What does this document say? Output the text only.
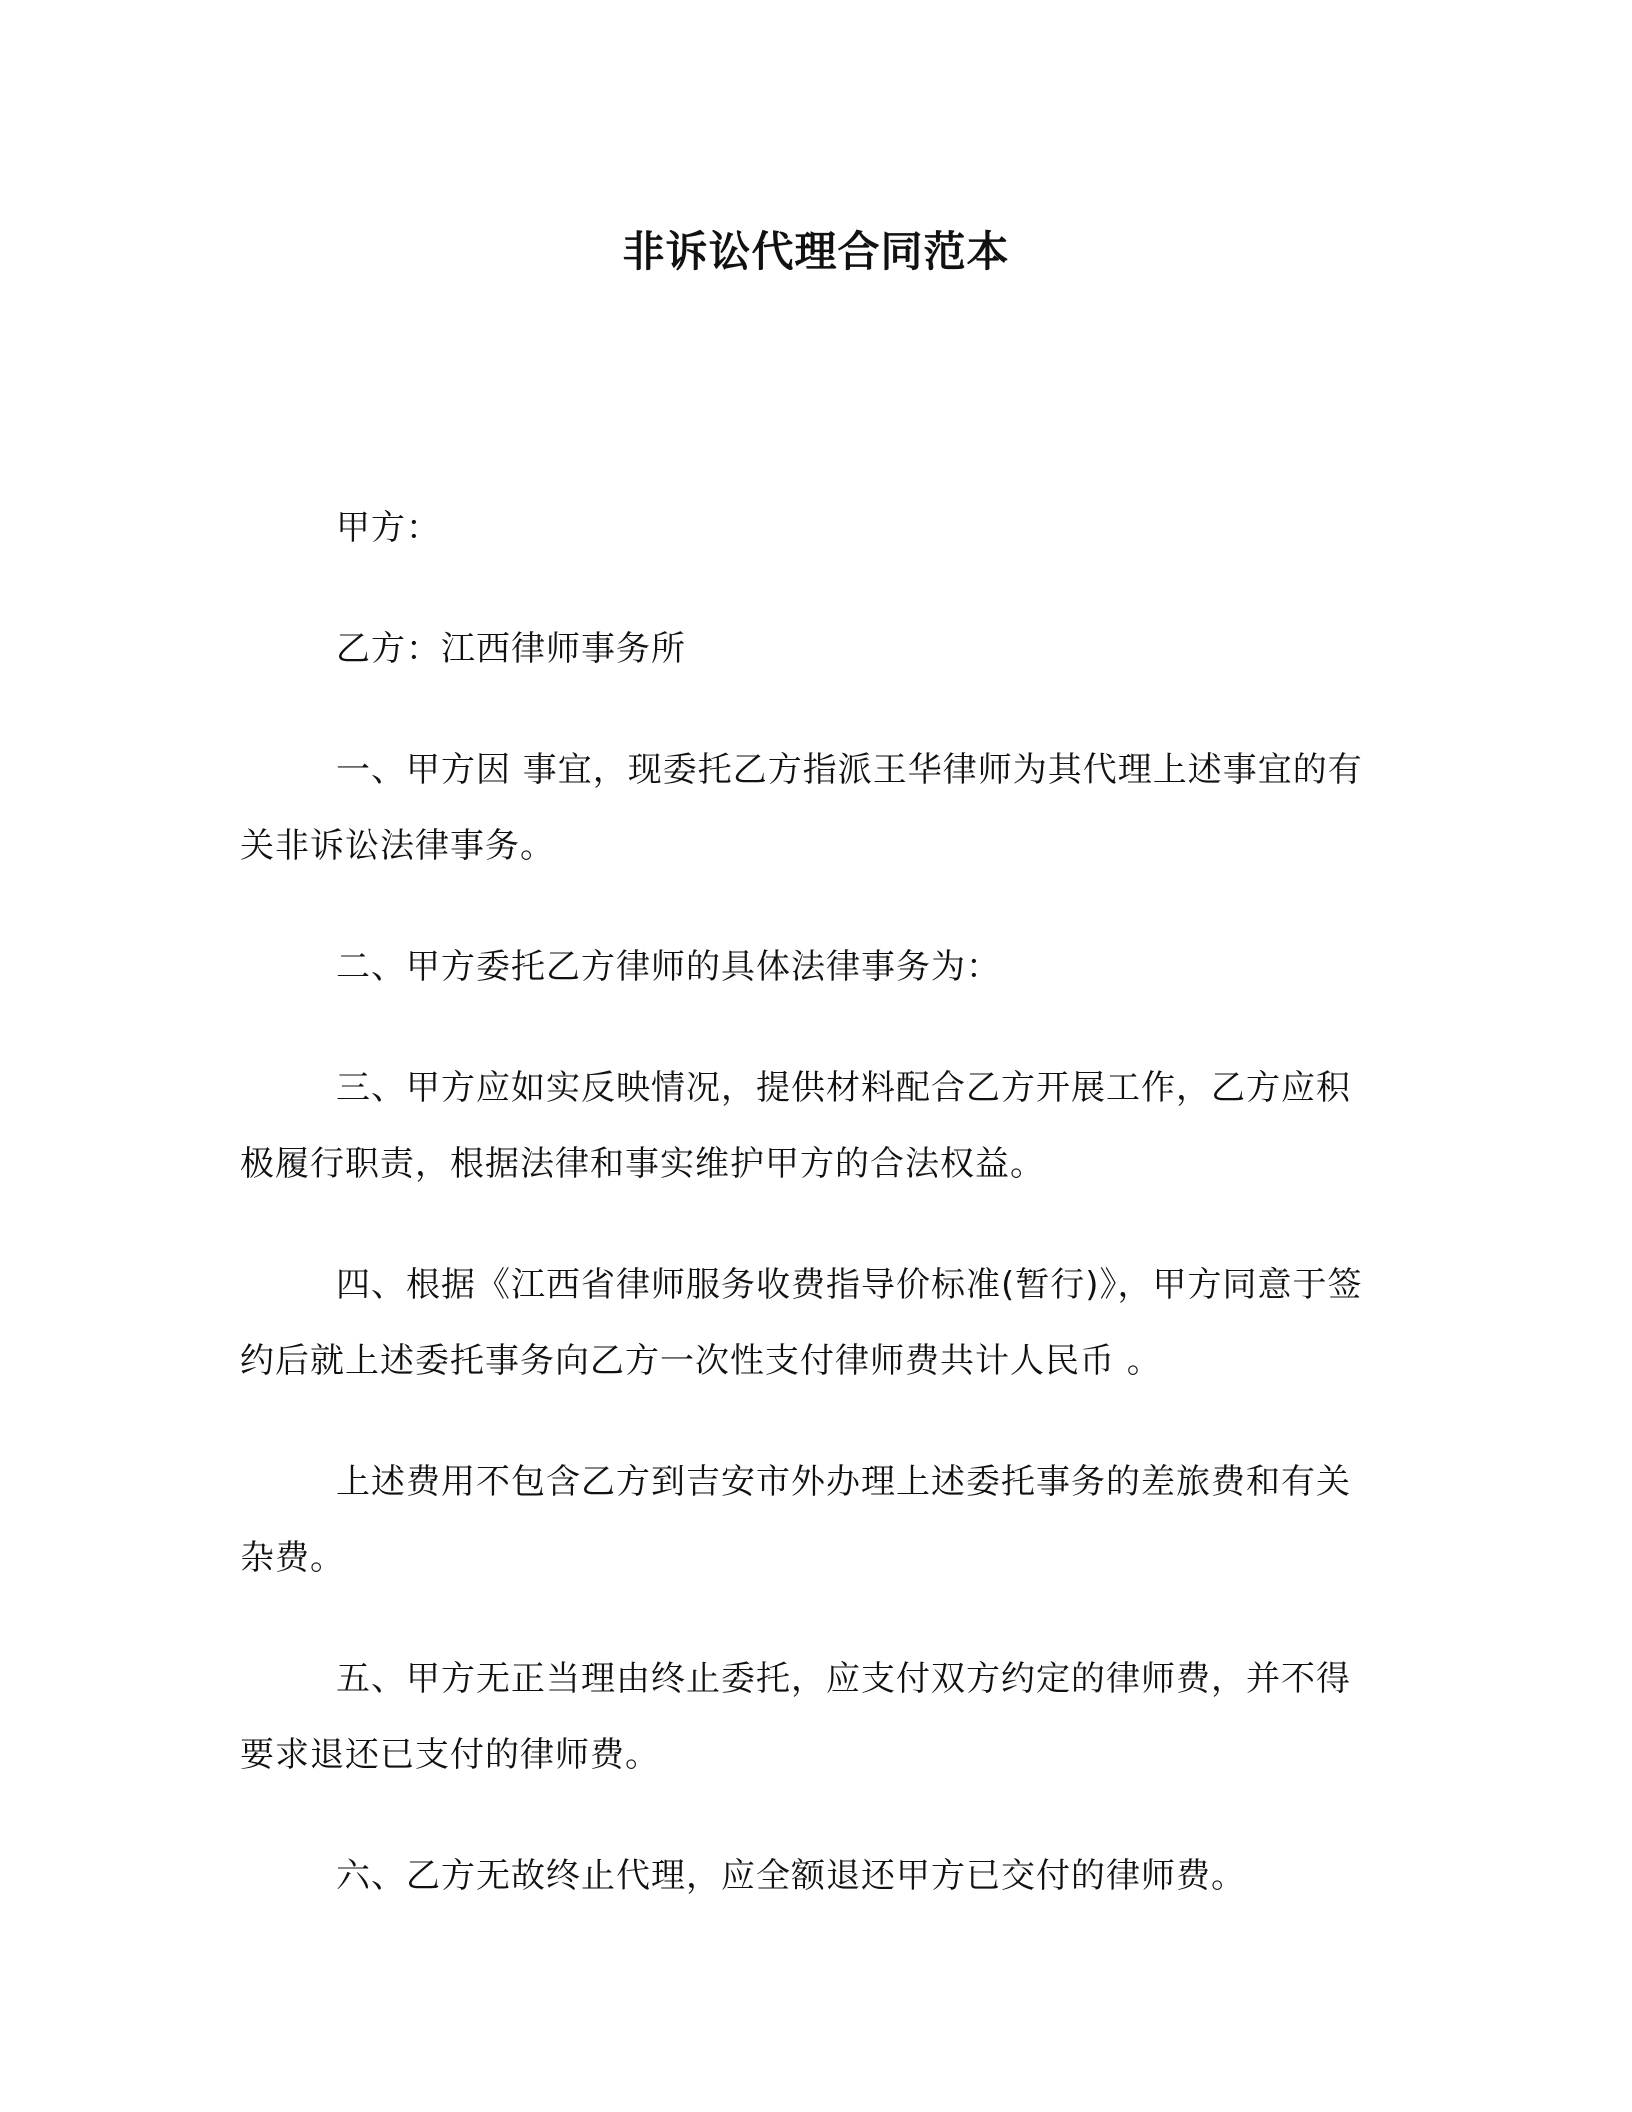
非诉讼代理合同范本

甲方：

乙方：江西律师事务所

一、甲方因 事宜，现委托乙方指派王华律师为其代理上述事宜的有关非诉讼法律事务。

二、甲方委托乙方律师的具体法律事务为：

三、甲方应如实反映情况，提供材料配合乙方开展工作，乙方应积极履行职责，根据法律和事实维护甲方的合法权益。

四、根据《江西省律师服务收费指导价标准(暂行)》，甲方同意于签约后就上述委托事务向乙方一次性支付律师费共计人民币 。

上述费用不包含乙方到吉安市外办理上述委托事务的差旅费和有关杂费。

五、甲方无正当理由终止委托，应支付双方约定的律师费，并不得要求退还已支付的律师费。

六、乙方无故终止代理，应全额退还甲方已交付的律师费。
